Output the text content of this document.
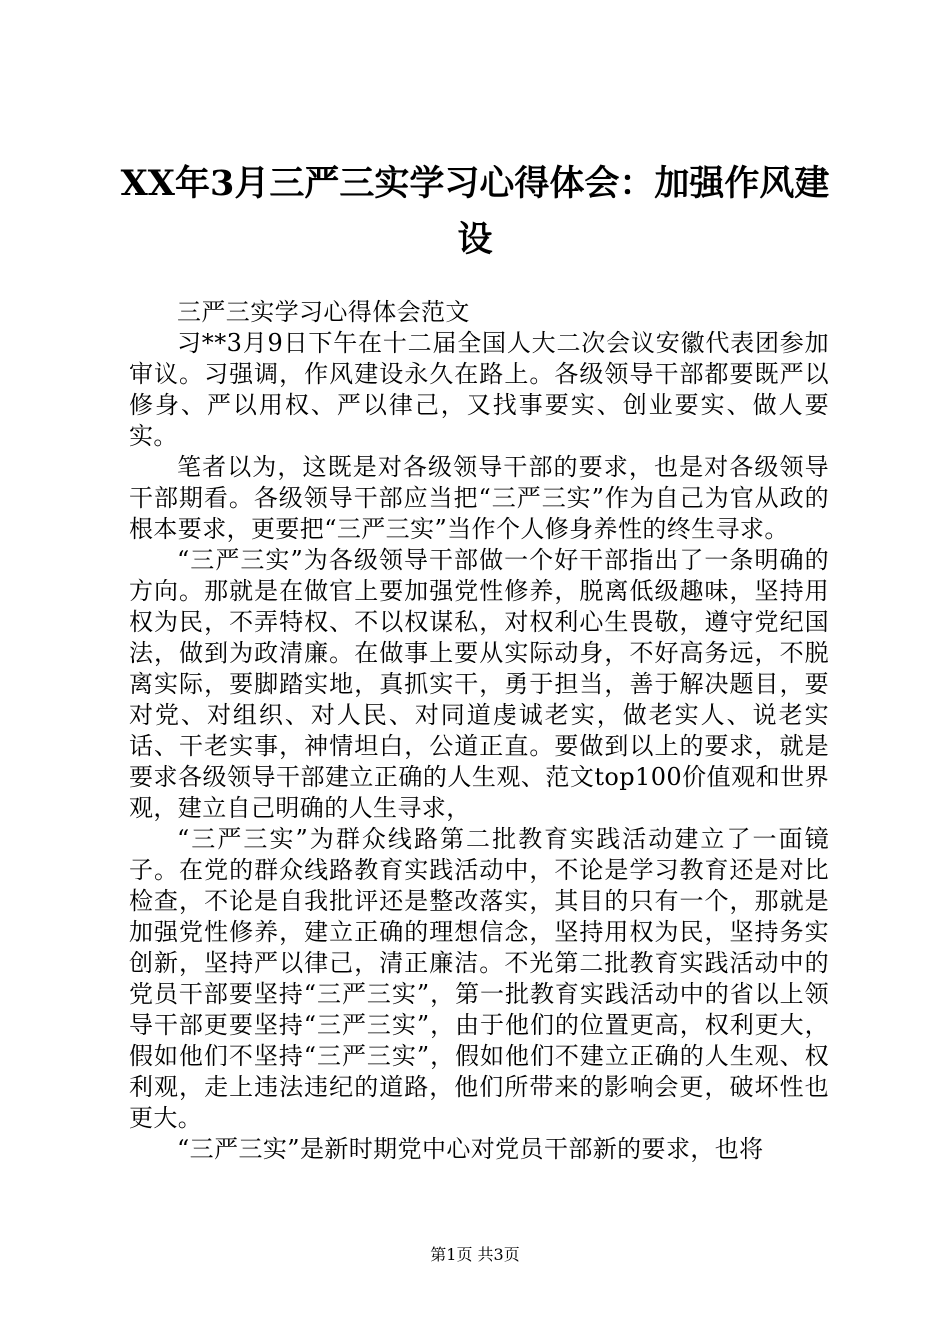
XX年3月三严三实学习心得体会：加强作风建设

三严三实学习心得体会范文

习**3月9日下午在十二届全国人大二次会议安徽代表团参加审议。习强调，作风建设永久在路上。各级领导干部都要既严以修身、严以用权、严以律己，又找事要实、创业要实、做人要实。

笔者以为，这既是对各级领导干部的要求，也是对各级领导干部期看。各级领导干部应当把“三严三实”作为自己为官从政的根本要求，更要把“三严三实”当作个人修身养性的终生寻求。

“三严三实”为各级领导干部做一个好干部指出了一条明确的方向。那就是在做官上要加强党性修养，脱离低级趣味，坚持用权为民，不弄特权、不以权谋私，对权利心生畏敬，遵守党纪国法，做到为政清廉。在做事上要从实际动身，不好高务远，不脱离实际，要脚踏实地，真抓实干，勇于担当，善于解决题目，要对党、对组织、对人民、对同道虔诚老实，做老实人、说老实话、干老实事，神情坦白，公道正直。要做到以上的要求，就是要求各级领导干部建立正确的人生观、范文top100价值观和世界观，建立自己明确的人生寻求，

“三严三实”为群众线路第二批教育实践活动建立了一面镜子。在党的群众线路教育实践活动中，不论是学习教育还是对比检查，不论是自我批评还是整改落实，其目的只有一个，那就是加强党性修养，建立正确的理想信念，坚持用权为民，坚持务实创新，坚持严以律己，清正廉洁。不光第二批教育实践活动中的党员干部要坚持“三严三实”，第一批教育实践活动中的省以上领导干部更要坚持“三严三实”，由于他们的位置更高，权利更大，假如他们不坚持“三严三实”，假如他们不建立正确的人生观、权利观，走上违法违纪的道路，他们所带来的影响会更，破坏性也更大。

“三严三实”是新时期党中心对党员干部新的要求，也将

第1页 共3页
